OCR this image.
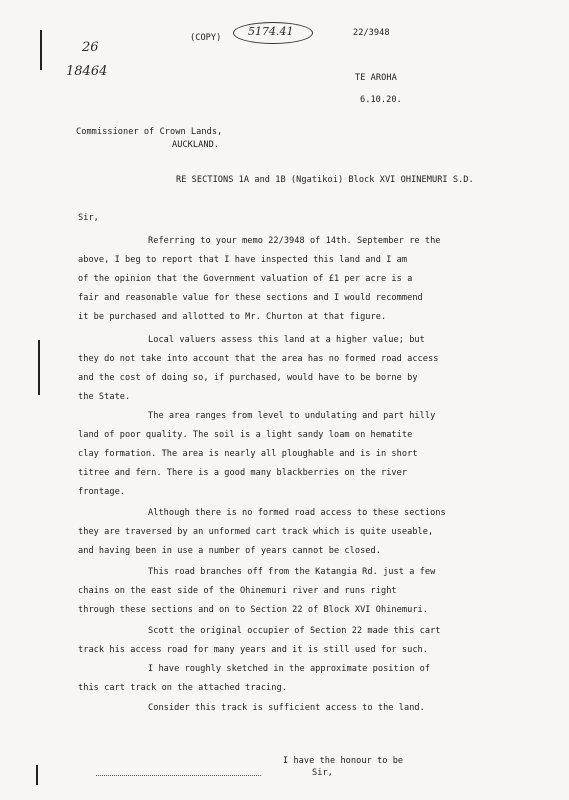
26
18464
(COPY) 5174.41	22/3948
TE AROHA
6.10.20.
Commissioner of Crown Lands,
AUCKLAND.
RE SECTIONS 1A and 1B (Ngatikoi) Block XVI OHINEMURI S.D.
Sir,
Referring to your memo 22/3948 of 14th. September re the
above, I beg to report that I have inspected this land and I am
of the opinion that the Government valuation of £1 per acre is a
fair and reasonable value for these sections and I would recommend
it be purchased and allotted to Mr. Churton at that figure.
Local valuers assess this land at a higher value; but
they do not take into account that the area has no formed road access
and the cost of doing so, if purchased, would have to be borne by
the State.
The area ranges from level to undulating and part hilly
land of poor quality. The soil is a light sandy loam on hematite
clay formation. The area is nearly all ploughable and is in short
titree and fern. There is a good many blackberries on the river
frontage.
Although there is no formed road access to these sections
they are traversed by an unformed cart track which is quite useable,
and having been in use a number of years cannot be closed.
This road branches off from the Katangia Rd. just a few
chains on the east side of the Ohinemuri river and runs right
through these sections and on to Section 22 of Block XVI Ohinemuri.
Scott the original occupier of Section 22 made this cart
track his access road for many years and it is still used for such.
I have roughly sketched in the approximate position of
this cart track on the attached tracing.
Consider this track is sufficient access to the land.
I have the honour to be
Sir,
